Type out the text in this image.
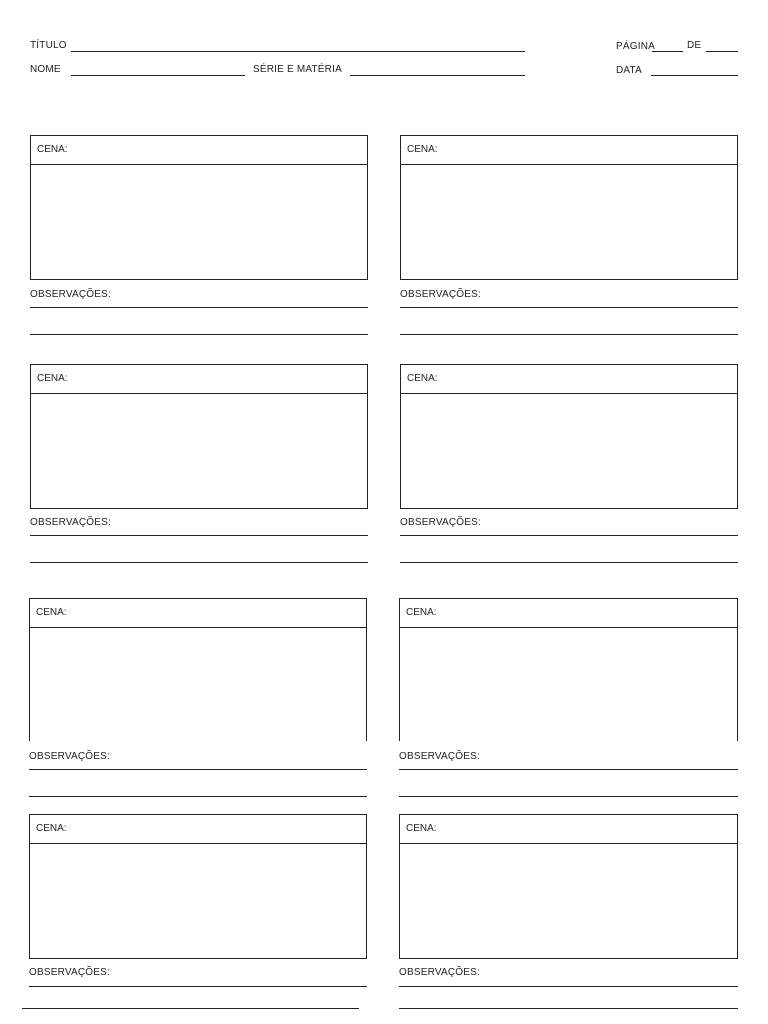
TÍTULO
NOME	SÉRIE E MATÉRIA
PÁGINA	DE
DATA
CENA:
OBSERVAÇÕES:
CENA:
OBSERVAÇÕES:
CENA:
OBSERVAÇÕES:
CENA:
OBSERVAÇÕES:
CENA:
OBSERVAÇÕES:
CENA:
OBSERVAÇÕES:
CENA:
OBSERVAÇÕES:
CENA:
OBSERVAÇÕES:
